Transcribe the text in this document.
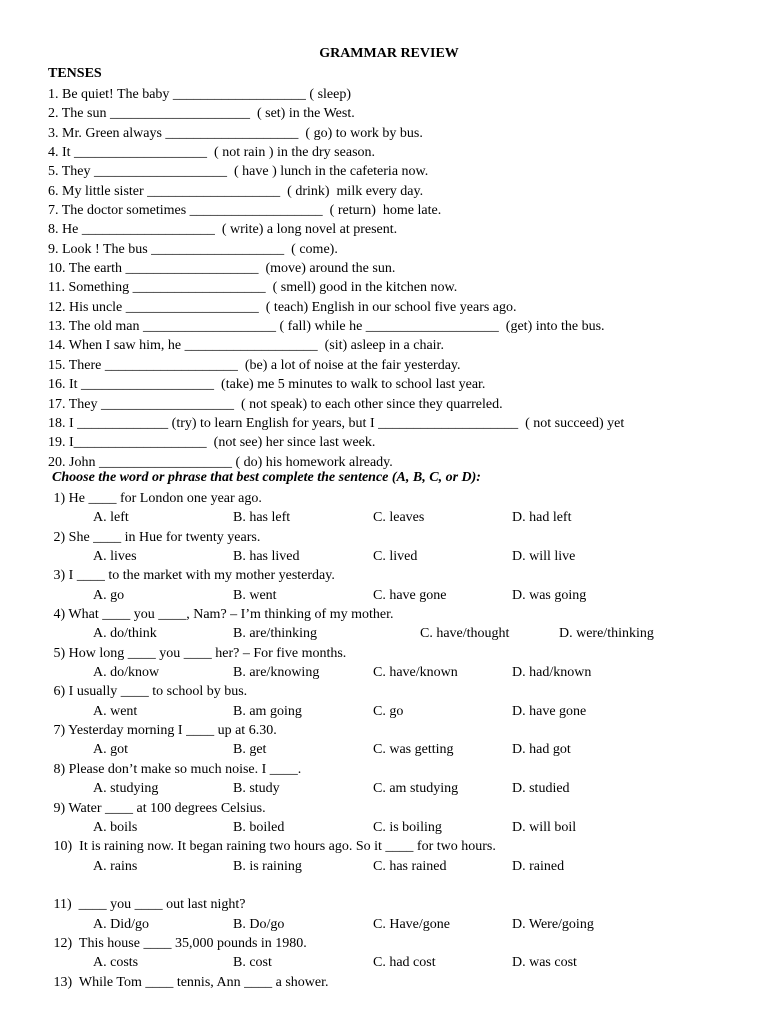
GRAMMAR REVIEW
TENSES
1. Be quiet! The baby ___________________ ( sleep)
2. The sun ____________________  ( set) in the West.
3. Mr. Green always ___________________  ( go) to work by bus.
4. It ___________________  ( not rain ) in the dry season.
5. They ___________________  ( have ) lunch in the cafeteria now.
6. My little sister ___________________  ( drink)  milk every day.
7. The doctor sometimes ___________________  ( return)  home late.
8. He ___________________  ( write) a long novel at present.
9. Look ! The bus ___________________  ( come).
10. The earth ___________________  (move) around the sun.
11. Something ___________________  ( smell) good in the kitchen now.
12. His uncle ___________________  ( teach) English in our school five years ago.
13. The old man ___________________ ( fall) while he ___________________  (get) into the bus.
14. When I saw him, he ___________________  (sit) asleep in a chair.
15. There ___________________  (be) a lot of noise at the fair yesterday.
16. It ___________________  (take) me 5 minutes to walk to school last year.
17. They ___________________  ( not speak) to each other since they quarreled.
18. I _____________ (try) to learn English for years, but I ____________________  ( not succeed) yet
19. I___________________  (not see) her since last week.
20. John ___________________ ( do) his homework already.
Choose the word or phrase that best complete the sentence (A, B, C, or D):
1) He ____ for London one year ago.
A. left	B. has left	C. leaves	D. had left
2) She ____ in Hue for twenty years.
A. lives	B. has lived	C. lived	D. will live
3) I ____ to the market with my mother yesterday.
A. go	B. went	C. have gone	D. was going
4) What ____ you ____, Nam? – I’m thinking of my mother.
A. do/think	B. are/thinking	C. have/thought	D. were/thinking
5) How long ____ you ____ her? – For five months.
A. do/know	B. are/knowing	C. have/known	D. had/known
6) I usually ____ to school by bus.
A. went	B. am going	C. go	D. have gone
7) Yesterday morning I ____ up at 6.30.
A. got	B. get	C. was getting	D. had got
8) Please don’t make so much noise. I ____.
A. studying	B. study	C. am studying	D. studied
9) Water ____ at 100 degrees Celsius.
A. boils	B. boiled	C. is boiling	D. will boil
10)  It is raining now. It began raining two hours ago. So it ____ for two hours.
A. rains	B. is raining	C. has rained	D. rained
11)  ____ you ____ out last night?
A. Did/go	B. Do/go	C. Have/gone	D. Were/going
12)  This house ____ 35,000 pounds in 1980.
A. costs	B. cost	C. had cost	D. was cost
13)  While Tom ____ tennis, Ann ____ a shower.
